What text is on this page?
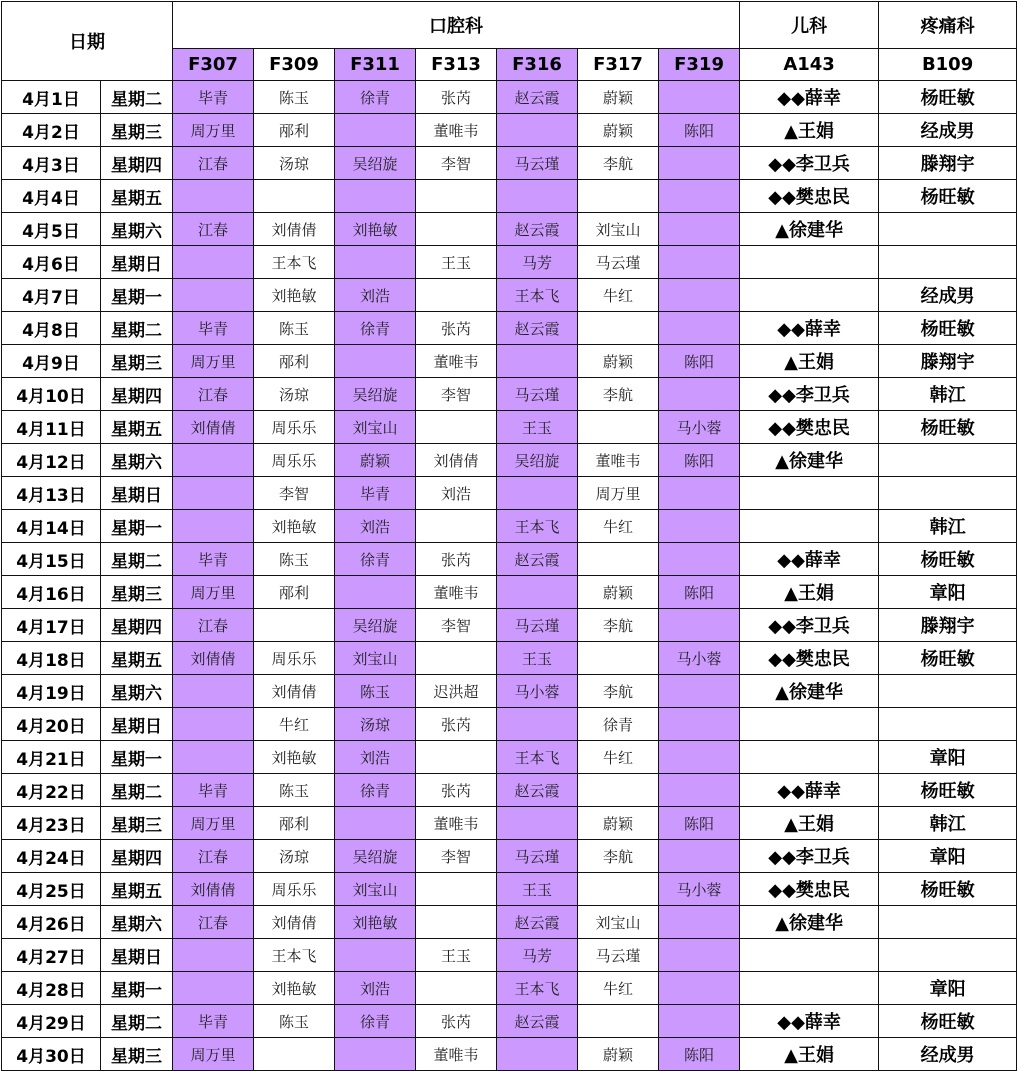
日期		口腔科							儿科	疼痛科
		F307	F309	F311	F313	F316	F317	F319	A143	B109
4月1日	星期二	毕青	陈玉	徐青	张芮	赵云霞	蔚颖		◆◆薛幸	杨旺敏
4月2日	星期三	周万里	邴利		董唯韦		蔚颖	陈阳	▲王娟	经成男
4月3日	星期四	江春	汤琼	吴绍旋	李智	马云瑾	李航		◆◆李卫兵	滕翔宇
4月4日	星期五								◆◆樊忠民	杨旺敏
4月5日	星期六	江春	刘倩倩	刘艳敏		赵云霞	刘宝山		▲徐建华	
4月6日	星期日		王本飞		王玉	马芳	马云瑾			
4月7日	星期一		刘艳敏	刘浩		王本飞	牛红			经成男
4月8日	星期二	毕青	陈玉	徐青	张芮	赵云霞			◆◆薛幸	杨旺敏
4月9日	星期三	周万里	邴利		董唯韦		蔚颖	陈阳	▲王娟	滕翔宇
4月10日	星期四	江春	汤琼	吴绍旋	李智	马云瑾	李航		◆◆李卫兵	韩江
4月11日	星期五	刘倩倩	周乐乐	刘宝山		王玉		马小蓉	◆◆樊忠民	杨旺敏
4月12日	星期六		周乐乐	蔚颖	刘倩倩	吴绍旋	董唯韦	陈阳	▲徐建华	
4月13日	星期日		李智	毕青	刘浩		周万里			
4月14日	星期一		刘艳敏	刘浩		王本飞	牛红			韩江
4月15日	星期二	毕青	陈玉	徐青	张芮	赵云霞			◆◆薛幸	杨旺敏
4月16日	星期三	周万里	邴利		董唯韦		蔚颖	陈阳	▲王娟	章阳
4月17日	星期四	江春		吴绍旋	李智	马云瑾	李航		◆◆李卫兵	滕翔宇
4月18日	星期五	刘倩倩	周乐乐	刘宝山		王玉		马小蓉	◆◆樊忠民	杨旺敏
4月19日	星期六		刘倩倩	陈玉	迟洪超	马小蓉	李航		▲徐建华	
4月20日	星期日		牛红	汤琼	张芮		徐青			
4月21日	星期一		刘艳敏	刘浩		王本飞	牛红			章阳
4月22日	星期二	毕青	陈玉	徐青	张芮	赵云霞			◆◆薛幸	杨旺敏
4月23日	星期三	周万里	邴利		董唯韦		蔚颖	陈阳	▲王娟	韩江
4月24日	星期四	江春	汤琼	吴绍旋	李智	马云瑾	李航		◆◆李卫兵	章阳
4月25日	星期五	刘倩倩	周乐乐	刘宝山		王玉		马小蓉	◆◆樊忠民	杨旺敏
4月26日	星期六	江春	刘倩倩	刘艳敏		赵云霞	刘宝山		▲徐建华	
4月27日	星期日		王本飞		王玉	马芳	马云瑾			
4月28日	星期一		刘艳敏	刘浩		王本飞	牛红			章阳
4月29日	星期二	毕青	陈玉	徐青	张芮	赵云霞			◆◆薛幸	杨旺敏
4月30日	星期三	周万里			董唯韦		蔚颖	陈阳	▲王娟	经成男
